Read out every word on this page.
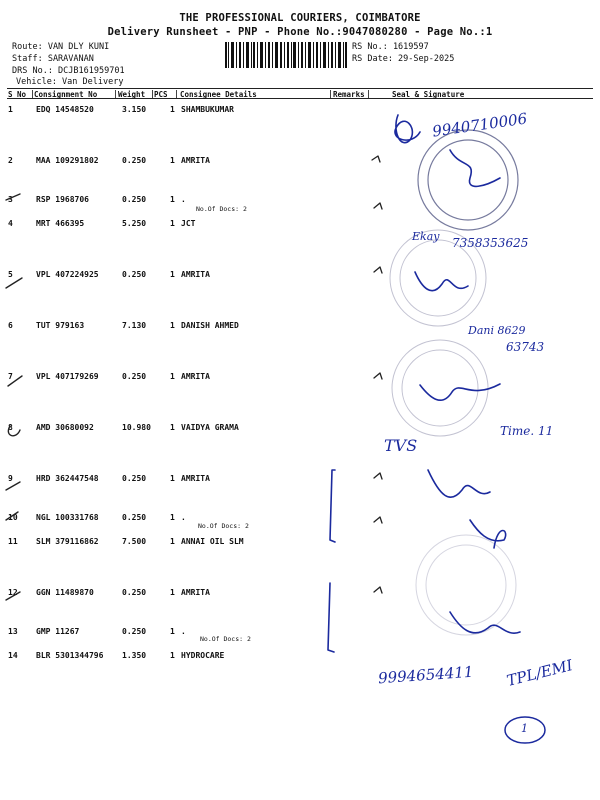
THE PROFESSIONAL COURIERS, COIMBATORE
Delivery Runsheet - PNP - Phone No.:9047080280 - Page No.:1
Route: VAN DLY KUNI
Staff: SARAVANAN
DRS No.: DCJB161959701
Vehicle: Van Delivery
RS No.: 1619597
RS Date: 29-Sep-2025
S No Consignment No	Weight PCS Consignee Details	Remarks	Seal & Signature
1	EDQ 14548520	3.150	1 SHAMBUKUMAR
2	MAA 109291802	0.250	1 AMRITA
3	RSP 1968706	0.250	1 .
No.Of Docs: 2
4	MRT 466395	5.250	1 JCT
5	VPL 407224925	0.250	1 AMRITA
6	TUT 979163	7.130	1 DANISH AHMED
7	VPL 407179269	0.250	1 AMRITA
8	AMD 30680092	10.980 1 VAIDYA GRAMA
9	HRD 362447548	0.250	1 AMRITA
10 NGL 100331768	0.250	1 .
No.Of Docs: 2
11 SLM 379116862	7.500	1 ANNAI OIL SLM
12 GGN 11489870	0.250	1 AMRITA
13 GMP 11267	0.250	1 .
No.Of Docs: 2
14 BLR 5301344796 1.350	1 HYDROCARE
9940710006
Ekay 7358353625
Dani 8629
63743
TVS
Time. 11
9994654411 TPL/EMI
1
